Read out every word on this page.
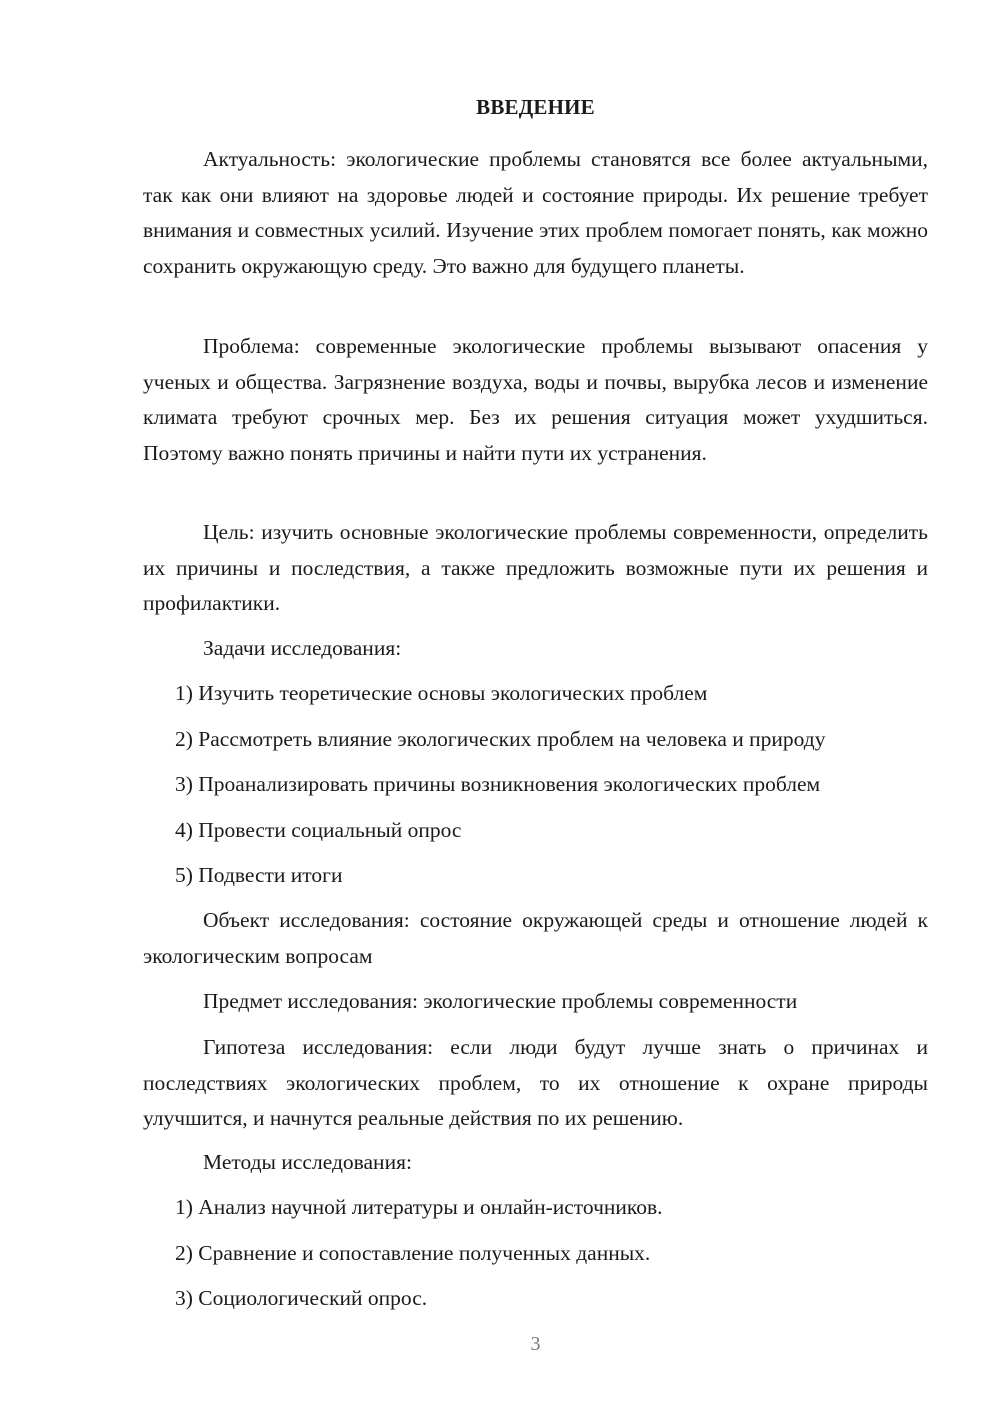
ВВЕДЕНИЕ

Актуальность: экологические проблемы становятся все более актуальными, так как они влияют на здоровье людей и состояние природы. Их решение требует внимания и совместных усилий. Изучение этих проблем помогает понять, как можно сохранить окружающую среду. Это важно для будущего планеты.

Проблема: современные экологические проблемы вызывают опасения у ученых и общества. Загрязнение воздуха, воды и почвы, вырубка лесов и изменение климата требуют срочных мер. Без их решения ситуация может ухудшиться. Поэтому важно понять причины и найти пути их устранения.

Цель: изучить основные экологические проблемы современности, определить их причины и последствия, а также предложить возможные пути их решения и профилактики.

Задачи исследования:

1) Изучить теоретические основы экологических проблем

2) Рассмотреть влияние экологических проблем на человека и природу

3) Проанализировать причины возникновения экологических проблем

4) Провести социальный опрос

5) Подвести итоги

Объект исследования: состояние окружающей среды и отношение людей к экологическим вопросам

Предмет исследования: экологические проблемы современности

Гипотеза исследования: если люди будут лучше знать о причинах и последствиях экологических проблем, то их отношение к охране природы улучшится, и начнутся реальные действия по их решению.

Методы исследования:

1) Анализ научной литературы и онлайн-источников.

2) Сравнение и сопоставление полученных данных.

3) Социологический опрос.

3
